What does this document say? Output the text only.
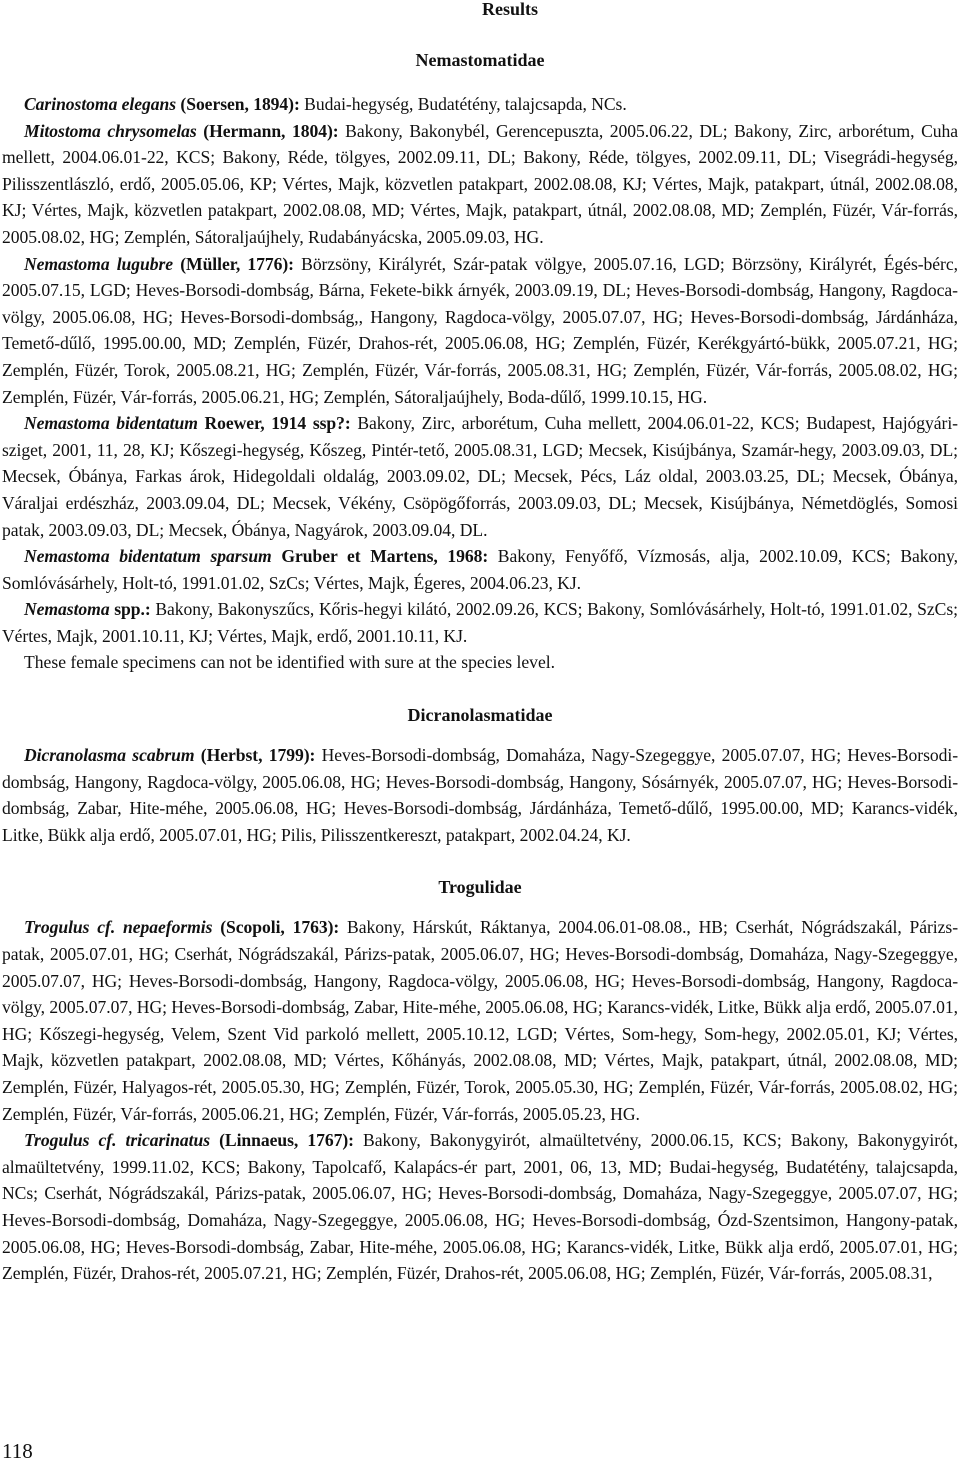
Results
Nemastomatidae

Carinostoma elegans (Soersen, 1894): Budai-hegység, Budatétény, talajcsapda, NCs.

Mitostoma chrysomelas (Hermann, 1804): Bakony, Bakonybél, Gerencepuszta, 2005.06.22, DL; Bakony, Zirc, arborétum, Cuha mellett, 2004.06.01-22, KCS; Bakony, Réde, tölgyes, 2002.09.11, DL; Bakony, Réde, tölgyes, 2002.09.11, DL; Visegrádi-hegység, Pilisszentlászló, erdő, 2005.05.06, KP; Vértes, Majk, közvetlen patakpart, 2002.08.08, KJ; Vértes, Majk, patakpart, útnál, 2002.08.08, KJ; Vértes, Majk, közvetlen patakpart, 2002.08.08, MD; Vértes, Majk, patakpart, útnál, 2002.08.08, MD; Zemplén, Füzér, Vár-forrás, 2005.08.02, HG; Zemplén, Sátoraljaújhely, Rudabányácska, 2005.09.03, HG.

Nemastoma lugubre (Müller, 1776): Börzsöny, Királyrét, Szár-patak völgye, 2005.07.16, LGD; Börzsöny, Királyrét, Égés-bérc, 2005.07.15, LGD; Heves-Borsodi-dombság, Bárna, Fekete-bikk árnyék, 2003.09.19, DL; Heves-Borsodi-dombság, Hangony, Ragdoca-völgy, 2005.06.08, HG; Heves-Borsodi-dombság,, Hangony, Ragdoca-völgy, 2005.07.07, HG; Heves-Borsodi-dombság, Járdánháza, Temető-dűlő, 1995.00.00, MD; Zemplén, Füzér, Drahos-rét, 2005.06.08, HG; Zemplén, Füzér, Kerékgyártó-bükk, 2005.07.21, HG; Zemplén, Füzér, Torok, 2005.08.21, HG; Zemplén, Füzér, Vár-forrás, 2005.08.31, HG; Zemplén, Füzér, Vár-forrás, 2005.08.02, HG; Zemplén, Füzér, Vár-forrás, 2005.06.21, HG; Zemplén, Sátoraljaújhely, Boda-dűlő, 1999.10.15, HG.

Nemastoma bidentatum Roewer, 1914 ssp?: Bakony, Zirc, arborétum, Cuha mellett, 2004.06.01-22, KCS; Budapest, Hajógyári-sziget, 2001, 11, 28, KJ; Kőszegi-hegység, Kőszeg, Pintér-tető, 2005.08.31, LGD; Mecsek, Kisújbánya, Szamár-hegy, 2003.09.03, DL; Mecsek, Óbánya, Farkas árok, Hidegoldali oldalág, 2003.09.02, DL; Mecsek, Pécs, Láz oldal, 2003.03.25, DL; Mecsek, Óbánya, Váraljai erdészház, 2003.09.04, DL; Mecsek, Vékény, Csöpögőforrás, 2003.09.03, DL; Mecsek, Kisújbánya, Németdöglés, Somosi patak, 2003.09.03, DL; Mecsek, Óbánya, Nagyárok, 2003.09.04, DL.

Nemastoma bidentatum sparsum Gruber et Martens, 1968: Bakony, Fenyőfő, Vízmosás, alja, 2002.10.09, KCS; Bakony, Somlóvásárhely, Holt-tó, 1991.01.02, SzCs; Vértes, Majk, Égeres, 2004.06.23, KJ.

Nemastoma spp.: Bakony, Bakonyszűcs, Kőris-hegyi kilátó, 2002.09.26, KCS; Bakony, Somlóvásárhely, Holt-tó, 1991.01.02, SzCs; Vértes, Majk, 2001.10.11, KJ; Vértes, Majk, erdő, 2001.10.11, KJ.

These female specimens can not be identified with sure at the species level.

Dicranolasmatidae

Dicranolasma scabrum (Herbst, 1799): Heves-Borsodi-dombság, Domaháza, Nagy-Szegeggye, 2005.07.07, HG; Heves-Borsodi-dombság, Hangony, Ragdoca-völgy, 2005.06.08, HG; Heves-Borsodi-dombság, Hangony, Sósárnyék, 2005.07.07, HG; Heves-Borsodi- dombság, Zabar, Hite-méhe, 2005.06.08, HG; Heves-Borsodi-dombság, Járdánháza, Temető-dűlő, 1995.00.00, MD; Karancs-vidék, Litke, Bükk alja erdő, 2005.07.01, HG; Pilis, Pilisszentkereszt, patakpart, 2002.04.24, KJ.

Trogulidae

Trogulus cf. nepaeformis (Scopoli, 1763): Bakony, Hárskút, Ráktanya, 2004.06.01-08.08., HB; Cserhát, Nógrádszakál, Párizs-patak, 2005.07.01, HG; Cserhát, Nógrádszakál, Párizs-patak, 2005.06.07, HG; Heves-Borsodi-dombság, Domaháza, Nagy-Szegeggye, 2005.07.07, HG; Heves-Borsodi-dombság, Hangony, Ragdoca-völgy, 2005.06.08, HG; Heves-Borsodi-dombság, Hangony, Ragdoca-völgy, 2005.07.07, HG; Heves-Borsodi-dombság, Zabar, Hite-méhe, 2005.06.08, HG; Karancs-vidék, Litke, Bükk alja erdő, 2005.07.01, HG; Kőszegi-hegység, Velem, Szent Vid parkoló mellett, 2005.10.12, LGD; Vértes, Som-hegy, Som-hegy, 2002.05.01, KJ; Vértes, Majk, közvetlen patakpart, 2002.08.08, MD; Vértes, Kőhányás, 2002.08.08, MD; Vértes, Majk, patakpart, útnál, 2002.08.08, MD; Zemplén, Füzér, Halyagos-rét, 2005.05.30, HG; Zemplén, Füzér, Torok, 2005.05.30, HG; Zemplén, Füzér, Vár-forrás, 2005.08.02, HG; Zemplén, Füzér, Vár-forrás, 2005.06.21, HG; Zemplén, Füzér, Vár-forrás, 2005.05.23, HG.

Trogulus cf. tricarinatus (Linnaeus, 1767): Bakony, Bakonygyirót, almaültetvény, 2000.06.15, KCS; Bakony, Bakonygyirót, almaültetvény, 1999.11.02, KCS; Bakony, Tapolcafő, Kalapács-ér part, 2001, 06, 13, MD; Budai-hegység, Budatétény, talajcsapda, NCs; Cserhát, Nógrádszakál, Párizs-patak, 2005.06.07, HG; Heves-Borsodi-dombság, Domaháza, Nagy-Szegeggye, 2005.07.07, HG; Heves-Borsodi-dombság, Domaháza, Nagy-Szegeggye, 2005.06.08, HG; Heves-Borsodi-dombság, Ózd-Szentsimon, Hangony-patak, 2005.06.08, HG; Heves-Borsodi-dombság, Zabar, Hite-méhe, 2005.06.08, HG; Karancs-vidék, Litke, Bükk alja erdő, 2005.07.01, HG; Zemplén, Füzér, Drahos-rét, 2005.07.21, HG; Zemplén, Füzér, Drahos-rét, 2005.06.08, HG; Zemplén, Füzér, Vár-forrás, 2005.08.31,

118
